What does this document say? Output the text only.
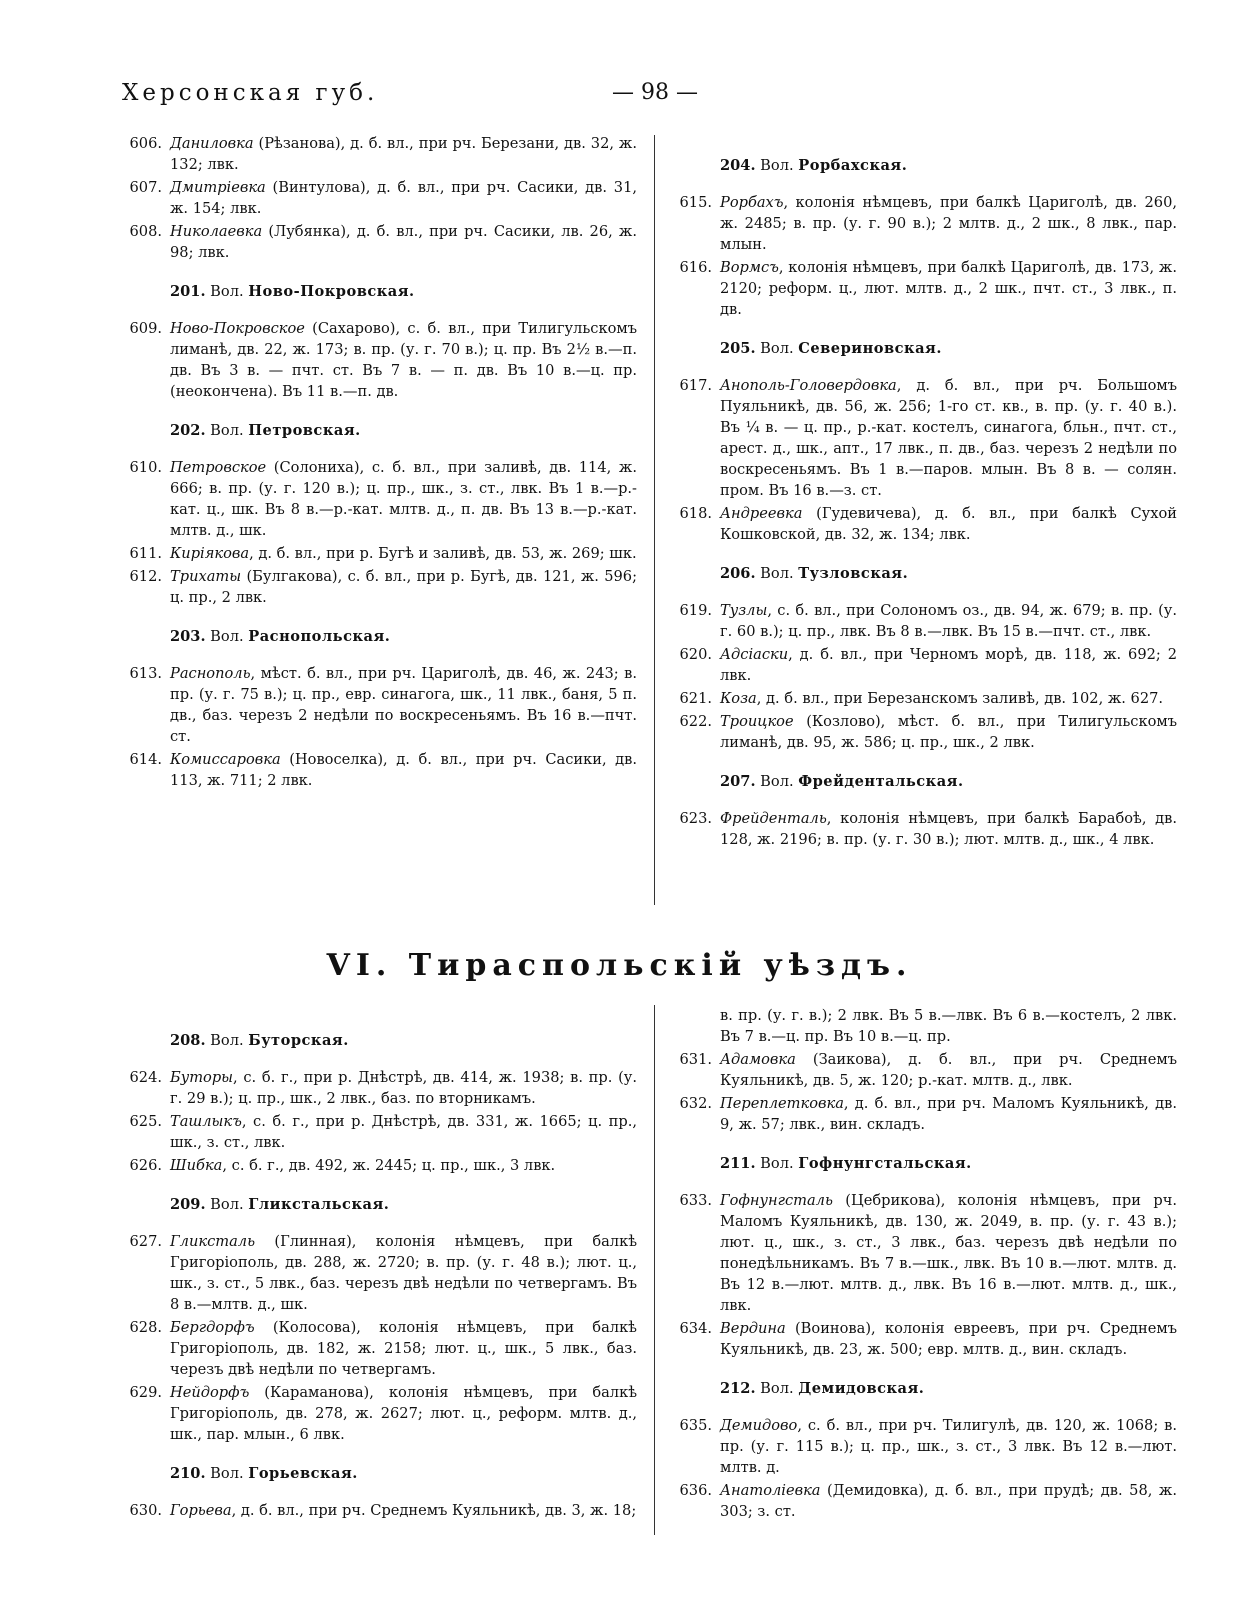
Херсонская губ.	— 98 —
606. Даниловка (Рѣзанова), д. б. вл., при рч. Березани, дв. 32, ж. 132; лвк.
607. Дмитріевка (Винтулова), д. б. вл., при рч. Сасики, дв. 31, ж. 154; лвк.
608. Николаевка (Лубянка), д. б. вл., при рч. Сасики, лв. 26, ж. 98; лвк.
201. Вол. Ново-Покровская.
609. Ново-Покровское (Сахарово), с. б. вл., при Тилигульскомъ лиманѣ, дв. 22, ж. 173; в. пр. (у. г. 70 в.); ц. пр. Въ 2½ в.—п. дв. Въ 3 в. — пчт. ст. Въ 7 в. — п. дв. Въ 10 в.—ц. пр. (неокончена). Въ 11 в.—п. дв.
202. Вол. Петровская.
610. Петровское (Солониха), с. б. вл., при заливѣ, дв. 114, ж. 666; в. пр. (у. г. 120 в.); ц. пр., шк., з. ст., лвк. Въ 1 в.—р.-кат. ц., шк. Въ 8 в.—р.-кат. млтв. д., п. дв. Въ 13 в.—р.-кат. млтв. д., шк.
611. Киріякова, д. б. вл., при р. Бугѣ и заливѣ, дв. 53, ж. 269; шк.
612. Трихаты (Булгакова), с. б. вл., при р. Бугѣ, дв. 121, ж. 596; ц. пр., 2 лвк.
203. Вол. Раснопольская.
613. Раснополь, мѣст. б. вл., при рч. Цариголѣ, дв. 46, ж. 243; в. пр. (у. г. 75 в.); ц. пр., евр. синагога, шк., 11 лвк., баня, 5 п. дв., баз. черезъ 2 недѣли по воскресеньямъ. Въ 16 в.—пчт. ст.
614. Комиссаровка (Новоселка), д. б. вл., при рч. Сасики, дв. 113, ж. 711; 2 лвк.
204. Вол. Рорбахская.
615. Рорбахъ, колонія нѣмцевъ, при балкѣ Цариголѣ, дв. 260, ж. 2485; в. пр. (у. г. 90 в.); 2 млтв. д., 2 шк., 8 лвк., пар. млын.
616. Вормсъ, колонія нѣмцевъ, при балкѣ Цариголѣ, дв. 173, ж. 2120; реформ. ц., лют. млтв. д., 2 шк., пчт. ст., 3 лвк., п. дв.
205. Вол. Севериновская.
617. Анополь-Головердовка, д. б. вл., при рч. Большомъ Пуяльникѣ, дв. 56, ж. 256; 1-го ст. кв., в. пр. (у. г. 40 в.). Въ ¼ в. — ц. пр., р.-кат. костелъ, синагога, бльн., пчт. ст., арест. д., шк., апт., 17 лвк., п. дв., баз. черезъ 2 недѣли по воскресеньямъ. Въ 1 в.—паров. млын. Въ 8 в. — солян. пром. Въ 16 в.—з. ст.
618. Андреевка (Гудевичева), д. б. вл., при балкѣ Сухой Кошковской, дв. 32, ж. 134; лвк.
206. Вол. Тузловская.
619. Тузлы, с. б. вл., при Солономъ оз., дв. 94, ж. 679; в. пр. (у. г. 60 в.); ц. пр., лвк. Въ 8 в.—лвк. Въ 15 в.—пчт. ст., лвк.
620. Адсіаски, д. б. вл., при Черномъ морѣ, дв. 118, ж. 692; 2 лвк.
621. Коза, д. б. вл., при Березанскомъ заливѣ, дв. 102, ж. 627.
622. Троицкое (Козлово), мѣст. б. вл., при Тилигульскомъ лиманѣ, дв. 95, ж. 586; ц. пр., шк., 2 лвк.
207. Вол. Фрейдентальская.
623. Фрейденталь, колонія нѣмцевъ, при балкѣ Барабоѣ, дв. 128, ж. 2196; в. пр. (у. г. 30 в.); лют. млтв. д., шк., 4 лвк.
VI. Тираспольскій уѣздъ.
208. Вол. Буторская.
624. Буторы, с. б. г., при р. Днѣстрѣ, дв. 414, ж. 1938; в. пр. (у. г. 29 в.); ц. пр., шк., 2 лвк., баз. по вторникамъ.
625. Ташлыкъ, с. б. г., при р. Днѣстрѣ, дв. 331, ж. 1665; ц. пр., шк., з. ст., лвк.
626. Шибка, с. б. г., дв. 492, ж. 2445; ц. пр., шк., 3 лвк.
209. Вол. Гликстальская.
627. Гликсталь (Глинная), колонія нѣмцевъ, при балкѣ Григоріополь, дв. 288, ж. 2720; в. пр. (у. г. 48 в.); лют. ц., шк., з. ст., 5 лвк., баз. черезъ двѣ недѣли по четвергамъ. Въ 8 в.—млтв. д., шк.
628. Бергдорфъ (Колосова), колонія нѣмцевъ, при балкѣ Григоріополь, дв. 182, ж. 2158; лют. ц., шк., 5 лвк., баз. черезъ двѣ недѣли по четвергамъ.
629. Нейдорфъ (Караманова), колонія нѣмцевъ, при балкѣ Григоріополь, дв. 278, ж. 2627; лют. ц., реформ. млтв. д., шк., пар. млын., 6 лвк.
210. Вол. Горьевская.
630. Горьева, д. б. вл., при рч. Среднемъ Куяльникѣ, дв. 3, ж. 18;
в. пр. (у. г. в.); 2 лвк. Въ 5 в.—лвк. Въ 6 в.—костелъ, 2 лвк. Въ 7 в.—ц. пр. Въ 10 в.—ц. пр.
631. Адамовка (Заикова), д. б. вл., при рч. Среднемъ Куяльникѣ, дв. 5, ж. 120; р.-кат. млтв. д., лвк.
632. Переплетковка, д. б. вл., при рч. Маломъ Куяльникѣ, дв. 9, ж. 57; лвк., вин. складъ.
211. Вол. Гофнунгстальская.
633. Гофнунгсталь (Цебрикова), колонія нѣмцевъ, при рч. Маломъ Куяльникѣ, дв. 130, ж. 2049, в. пр. (у. г. 43 в.); лют. ц., шк., з. ст., 3 лвк., баз. черезъ двѣ недѣли по понедѣльникамъ. Въ 7 в.—шк., лвк. Въ 10 в.—лют. млтв. д. Въ 12 в.—лют. млтв. д., лвк. Въ 16 в.—лют. млтв. д., шк., лвк.
634. Вердина (Воинова), колонія евреевъ, при рч. Среднемъ Куяльникѣ, дв. 23, ж. 500; евр. млтв. д., вин. складъ.
212. Вол. Демидовская.
635. Демидово, с. б. вл., при рч. Тилигулѣ, дв. 120, ж. 1068; в. пр. (у. г. 115 в.); ц. пр., шк., з. ст., 3 лвк. Въ 12 в.—лют. млтв. д.
636. Анатоліевка (Демидовка), д. б. вл., при прудѣ; дв. 58, ж. 303; з. ст.
